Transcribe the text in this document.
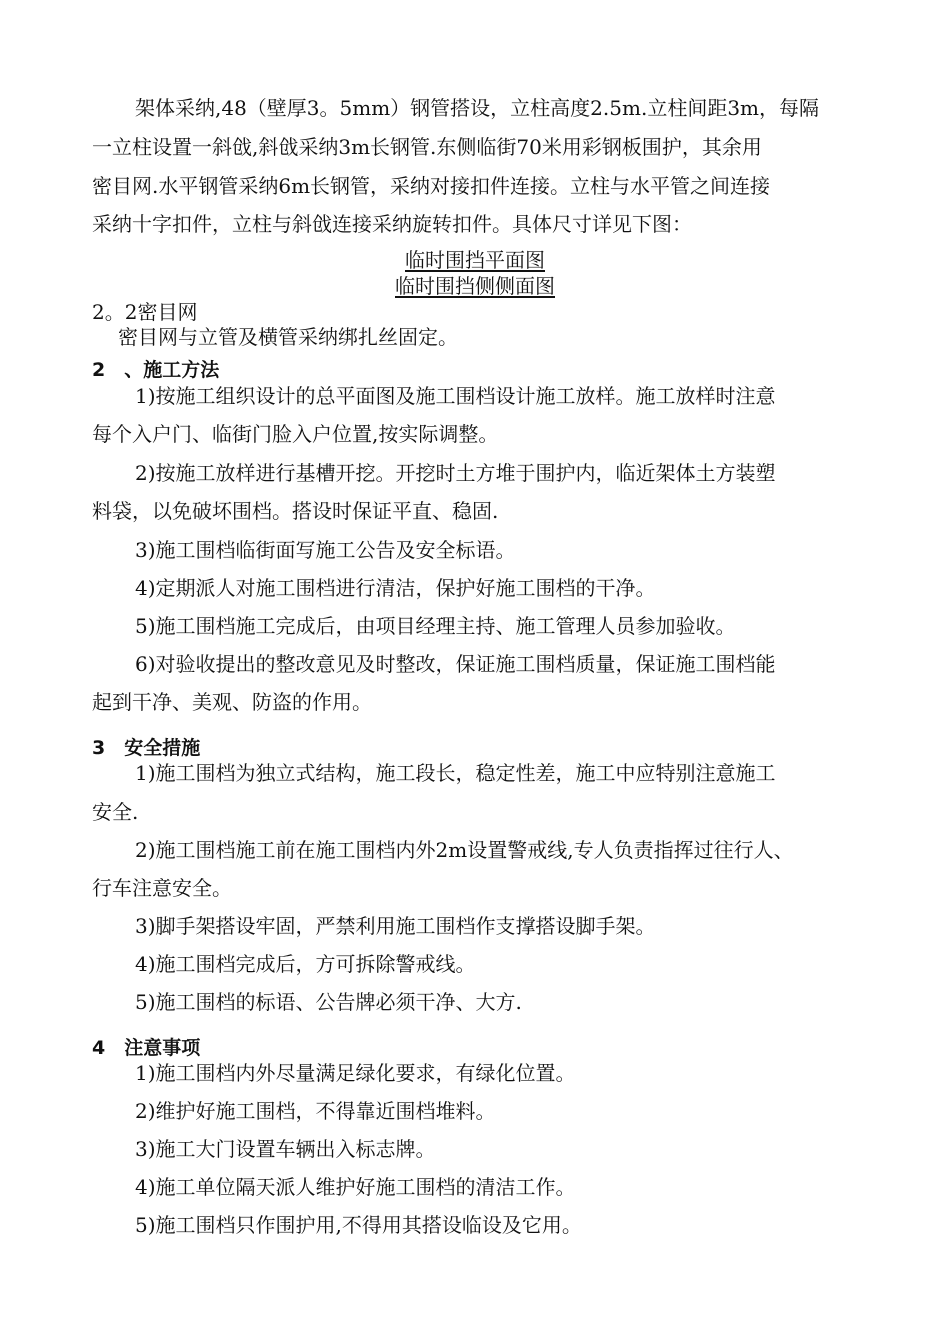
架体采纳,48（壁厚3。5mm）钢管搭设，立柱高度2.5m.立柱间距3m，每隔
一立柱设置一斜戗,斜戗采纳3m长钢管.东侧临街70米用彩钢板围护，其余用
密目网.水平钢管采纳6m长钢管，采纳对接扣件连接。立柱与水平管之间连接
采纳十字扣件，立柱与斜戗连接采纳旋转扣件。具体尺寸详见下图：
临时围挡平面图
临时围挡侧侧面图
2。2密目网
密目网与立管及横管采纳绑扎丝固定。
2　、施工方法
1)按施工组织设计的总平面图及施工围档设计施工放样。施工放样时注意
每个入户门、临街门脸入户位置,按实际调整。
2)按施工放样进行基槽开挖。开挖时土方堆于围护内，临近架体土方装塑
料袋，以免破坏围档。搭设时保证平直、稳固.
3)施工围档临街面写施工公告及安全标语。
4)定期派人对施工围档进行清洁，保护好施工围档的干净。
5)施工围档施工完成后，由项目经理主持、施工管理人员参加验收。
6)对验收提出的整改意见及时整改，保证施工围档质量，保证施工围档能
起到干净、美观、防盗的作用。
3　安全措施
1)施工围档为独立式结构，施工段长，稳定性差，施工中应特别注意施工
安全.
2)施工围档施工前在施工围档内外2m设置警戒线,专人负责指挥过往行人、
行车注意安全。
3)脚手架搭设牢固，严禁利用施工围档作支撑搭设脚手架。
4)施工围档完成后，方可拆除警戒线。
5)施工围档的标语、公告牌必须干净、大方.
4　注意事项
1)施工围档内外尽量满足绿化要求，有绿化位置。
2)维护好施工围档，不得靠近围档堆料。
3)施工大门设置车辆出入标志牌。
4)施工单位隔天派人维护好施工围档的清洁工作。
5)施工围档只作围护用,不得用其搭设临设及它用。
